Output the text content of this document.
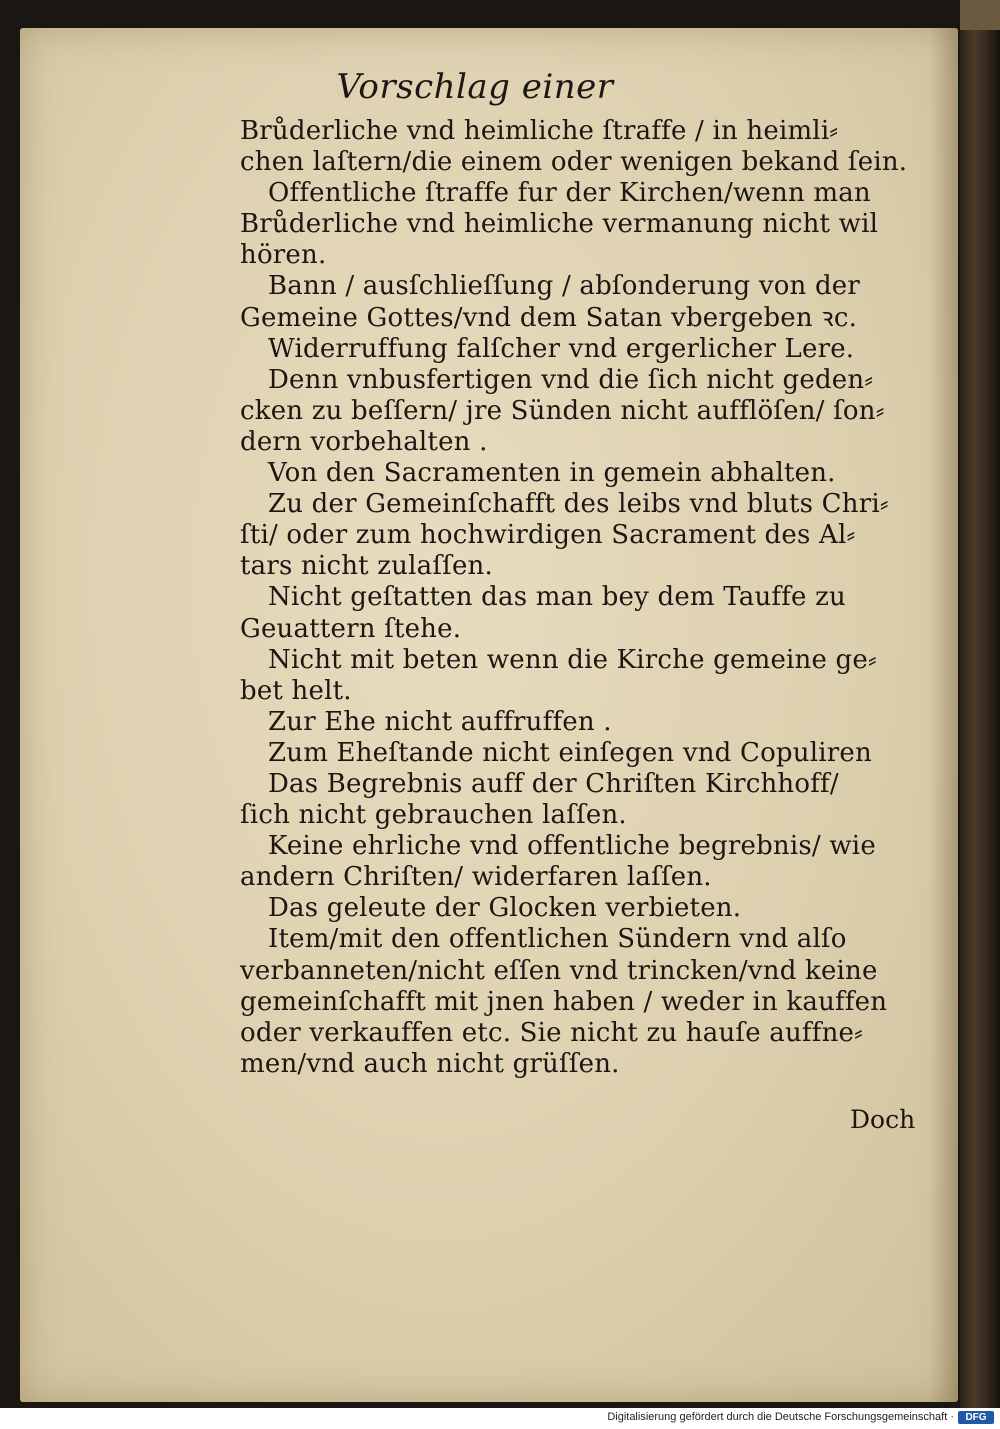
Vorschlag einer
Brůderliche vnd heimliche ſtraffe / in heimli⸗
chen laſtern/die einem oder wenigen bekand ſein.
Offentliche ſtraffe fur der Kirchen/wenn man
Brůderliche vnd heimliche vermanung nicht wil
hören.
Bann / ausſchlieſſung / abſonderung von der
Gemeine Gottes/vnd dem Satan vbergeben ꝛc.
Widerruffung falſcher vnd ergerlicher Lere.
Denn vnbusfertigen vnd die ſich nicht geden⸗
cken zu beſſern/ jre Sünden nicht aufflöſen/ ſon⸗
dern vorbehalten .
Von den Sacramenten in gemein abhalten.
Zu der Gemeinſchafft des leibs vnd bluts Chri⸗
ſti/ oder zum hochwirdigen Sacrament des Al⸗
tars nicht zulaſſen.
Nicht geſtatten das man bey dem Tauffe zu
Geuattern ſtehe.
Nicht mit beten wenn die Kirche gemeine ge⸗
bet helt.
Zur Ehe nicht auffruffen .
Zum Eheſtande nicht einſegen vnd Copuliren
Das Begrebnis auff der Chriſten Kirchhoff/
ſich nicht gebrauchen laſſen.
Keine ehrliche vnd offentliche begrebnis/ wie
andern Chriſten/ widerfaren laſſen.
Das geleute der Glocken verbieten.
Item/mit den offentlichen Sündern vnd alſo
verbanneten/nicht eſſen vnd trincken/vnd keine
gemeinſchafft mit jnen haben / weder in kauffen
oder verkauffen etc. Sie nicht zu hauſe auffne⸗
men/vnd auch nicht grüſſen.
Doch
Digitalisierung gefördert durch die Deutsche Forschungsgemeinschaft ·	DFG
